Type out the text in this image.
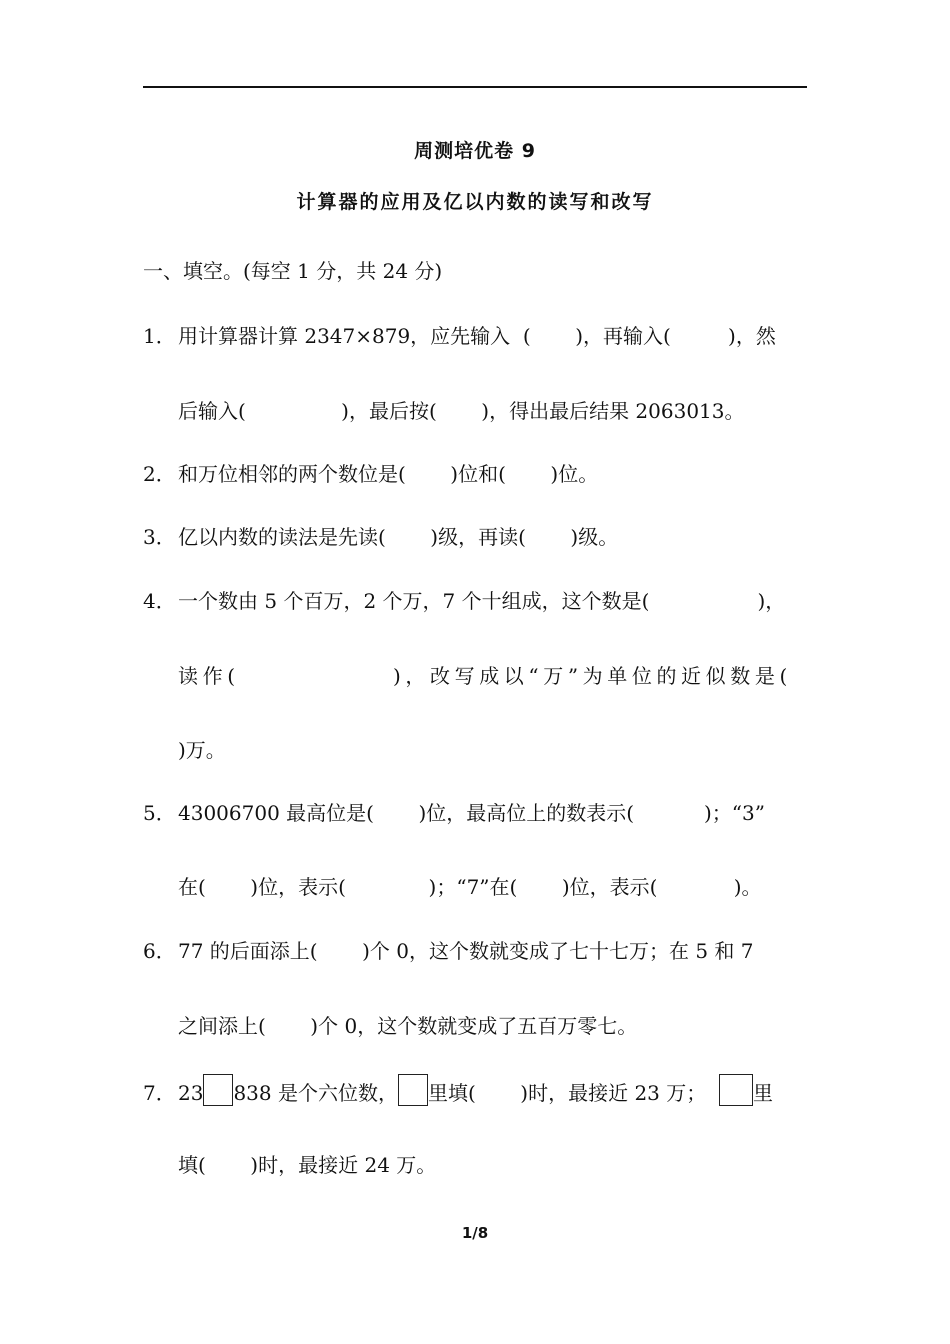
周测培优卷 9
计算器的应用及亿以内数的读写和改写
一、填空。(每空 1 分，共 24 分)
1． 用计算器计算 2347×879，应先输入  (       )，再输入(         )，然
后输入(               )，最后按(       )，得出最后结果 2063013。
2． 和万位相邻的两个数位是(       )位和(       )位。
3． 亿以内数的读法是先读(       )级，再读(       )级。
4． 一个数由 5 个百万，2 个万，7 个十组成，这个数是(                 )，
读作(              )，改写成以“万”为单位的近似数是(
)万。
5． 43006700 最高位是(       )位，最高位上的数表示(           )；“3”
在(       )位，表示(             )；“7”在(       )位，表示(            )。
6． 77 的后面添上(       )个 0，这个数就变成了七十七万；在 5 和 7
之间添上(       )个 0，这个数就变成了五百万零七。
7． 23 838 是个六位数， 里填(       )时，最接近 23 万； 里
填(       )时，最接近 24 万。
1/8
